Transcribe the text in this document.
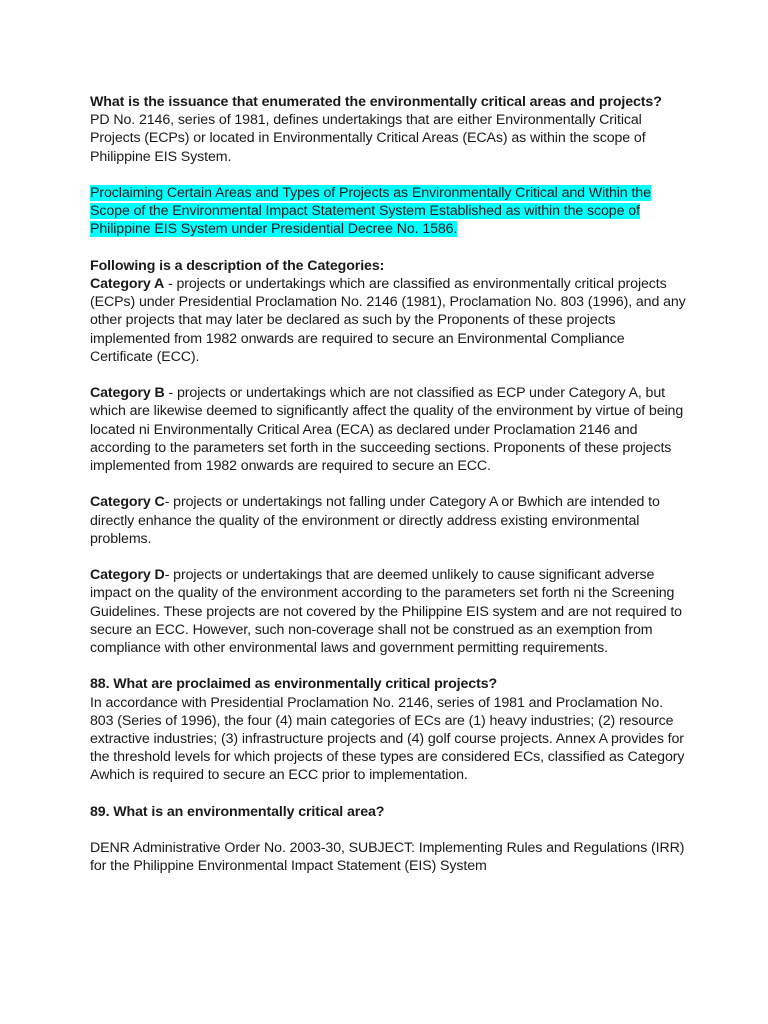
What is the issuance that enumerated the environmentally critical areas and projects?
PD No. 2146, series of 1981, defines undertakings that are either Environmentally Critical Projects (ECPs) or located in Environmentally Critical Areas (ECAs) as within the scope of Philippine EIS System.

Proclaiming Certain Areas and Types of Projects as Environmentally Critical and Within the Scope of the Environmental Impact Statement System Established as within the scope of Philippine EIS System under Presidential Decree No. 1586.

Following is a description of the Categories:
Category A - projects or undertakings which are classified as environmentally critical projects (ECPs) under Presidential Proclamation No. 2146 (1981), Proclamation No. 803 (1996), and any other projects that may later be declared as such by the Proponents of these projects implemented from 1982 onwards are required to secure an Environmental Compliance Certificate (ECC).

Category B - projects or undertakings which are not classified as ECP under Category A, but which are likewise deemed to significantly affect the quality of the environment by virtue of being located ni Environmentally Critical Area (ECA) as declared under Proclamation 2146 and according to the parameters set forth in the succeeding sections. Proponents of these projects implemented from 1982 onwards are required to secure an ECC.

Category C- projects or undertakings not falling under Category A or Bwhich are intended to directly enhance the quality of the environment or directly address existing environmental problems.

Category D- projects or undertakings that are deemed unlikely to cause significant adverse impact on the quality of the environment according to the parameters set forth ni the Screening Guidelines. These projects are not covered by the Philippine EIS system and are not required to secure an ECC. However, such non-coverage shall not be construed as an exemption from compliance with other environmental laws and government permitting requirements.

88. What are proclaimed as environmentally critical projects?
In accordance with Presidential Proclamation No. 2146, series of 1981 and Proclamation No. 803 (Series of 1996), the four (4) main categories of ECs are (1) heavy industries; (2) resource extractive industries; (3) infrastructure projects and (4) golf course projects. Annex A provides for the threshold levels for which projects of these types are considered ECs, classified as Category Awhich is required to secure an ECC prior to implementation.

89. What is an environmentally critical area?

DENR Administrative Order No. 2003-30, SUBJECT: Implementing Rules and Regulations (IRR) for the Philippine Environmental Impact Statement (EIS) System
